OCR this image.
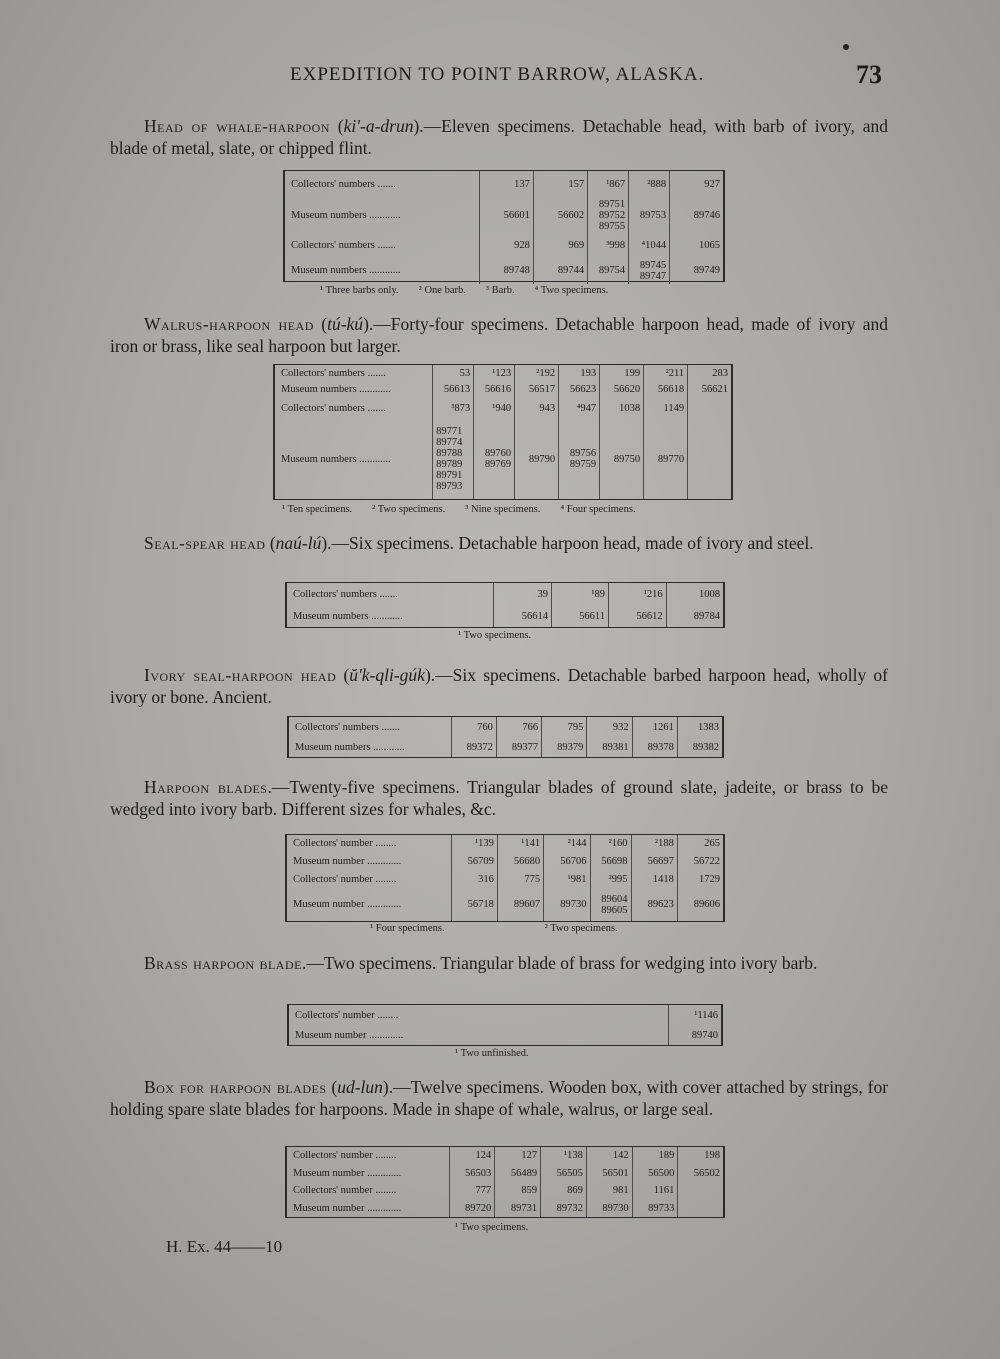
EXPEDITION TO POINT BARROW, ALASKA.	73
Head of whale-harpoon (ki'-a-drun).—Eleven specimens. Detachable head, with barb of ivory, and blade of metal, slate, or chipped flint.
Collectors' numbers .......	137	157	¹867	²888	927
Museum numbers ............	56601	56602	89751 89752 89755	89753	89746
Collectors' numbers .......	928	969	³998	⁴1044	1065
Museum numbers ............	89748	89744	89754	89745 89747	89749
¹ Three barbs only. ² One barb. ³ Barb. ⁴ Two specimens.
Walrus-harpoon head (tú-kú).—Forty-four specimens. Detachable harpoon head, made of ivory and iron or brass, like seal harpoon but larger.
Collectors' numbers .......	53	¹123	²192	193	199	²211	283
Museum numbers ............	56613	56616	56517	56623	56620	56618	56621
Collectors' numbers .......	³873	¹940	943	⁴947	1038	1149	
Museum numbers ............	89771 89774 89788 89789 89791 89793	89760 89769	89790	89756 89759	89750	89770	
¹ Ten specimens. ² Two specimens. ³ Nine specimens. ⁴ Four specimens.
Seal-spear head (naú-lú).—Six specimens. Detachable harpoon head, made of ivory and steel.
Collectors' numbers .......	39	¹89	¹216	1008
Museum numbers ............	56614	56611	56612	89784
¹ Two specimens.
Ivory seal-harpoon head (ŭ'k-qli-gúk).—Six specimens. Detachable barbed harpoon head, wholly of ivory or bone. Ancient.
Collectors' numbers .......	760	766	795	932	1261	1383
Museum numbers ............	89372	89377	89379	89381	89378	89382
Harpoon blades.—Twenty-five specimens. Triangular blades of ground slate, jadeite, or brass to be wedged into ivory barb. Different sizes for whales, &c.
Collectors' number ........	¹139	¹141	²144	²160	²188	265
Museum number .............	56709	56680	56706	56698	56697	56722
Collectors' number ........	316	775	¹981	²995	1418	1729
Museum number .............	56718	89607	89730	89604 89605	89623	89606
¹ Four specimens.	² Two specimens.
Brass harpoon blade.—Two specimens. Triangular blade of brass for wedging into ivory barb.
Collectors' number ........	¹1146
Museum number .............	89740
¹ Two unfinished.
Box for harpoon blades (ud-lun).—Twelve specimens. Wooden box, with cover attached by strings, for holding spare slate blades for harpoons. Made in shape of whale, walrus, or large seal.
Collectors' number ........	124	127	¹138	142	189	198
Museum number .............	56503	56489	56505	56501	56500	56502
Collectors' number ........	777	859	869	981	1161	
Museum number .............	89720	89731	89732	89730	89733	
¹ Two specimens.
H. Ex. 44——10
